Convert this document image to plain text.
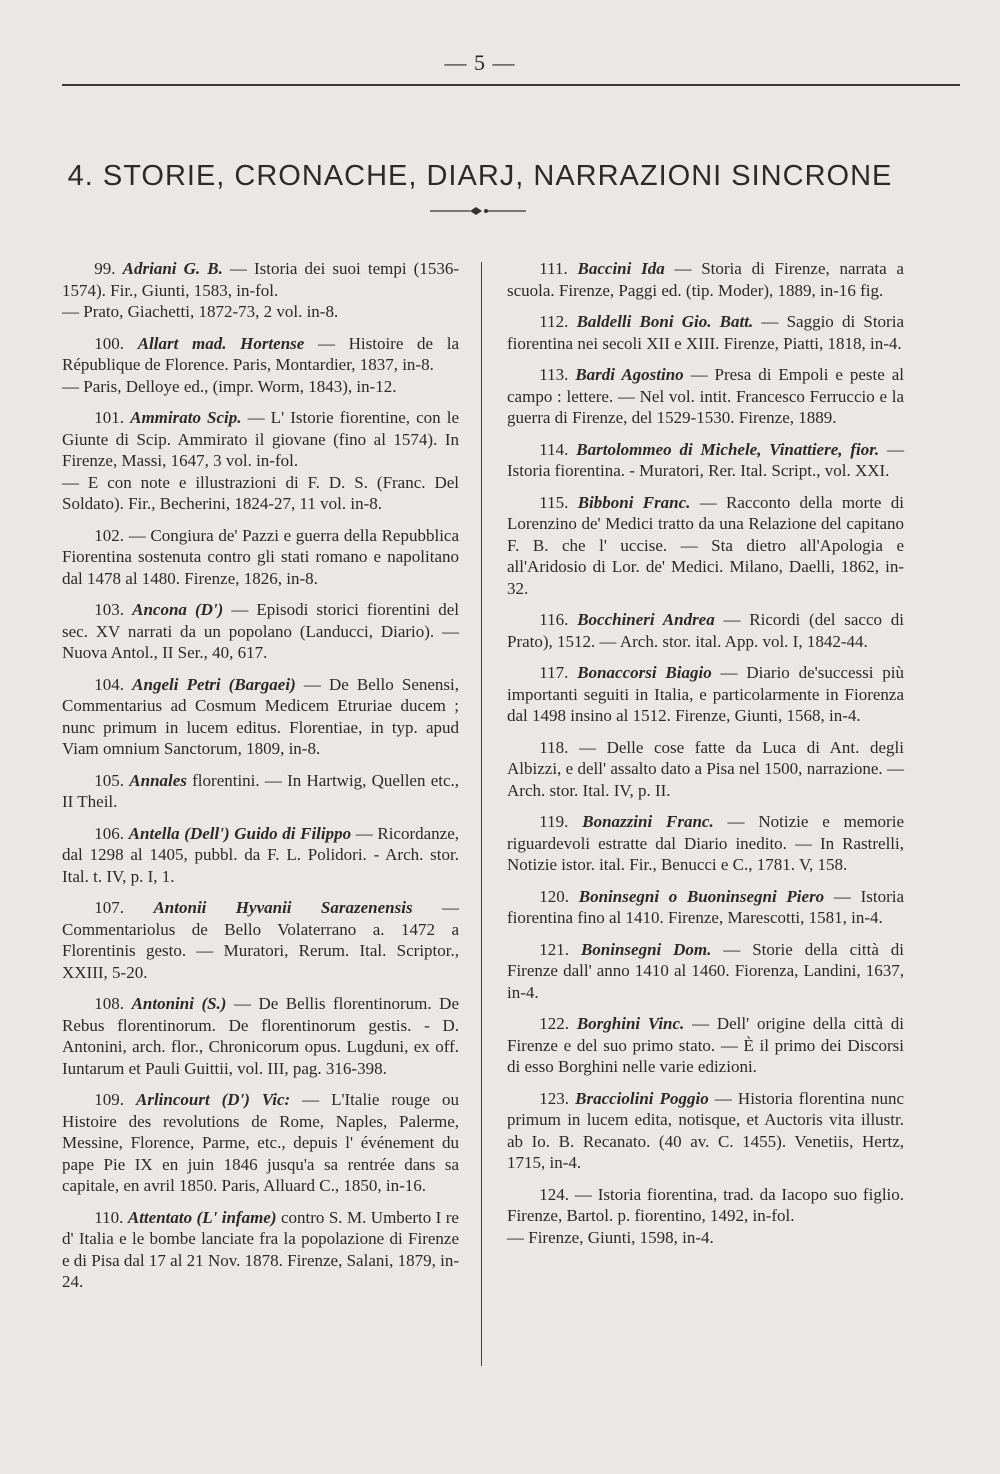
— 5 —
4. STORIE, CRONACHE, DIARJ, NARRAZIONI SINCRONE
99. Adriani G. B. — Istoria dei suoi tempi (1536-1574). Fir., Giunti, 1583, in-fol.
— Prato, Giachetti, 1872-73, 2 vol. in-8.
100. Allart mad. Hortense — Histoire de la République de Florence. Paris, Montardier, 1837, in-8.
— Paris, Delloye ed., (impr. Worm, 1843), in-12.
101. Ammirato Scip. — L' Istorie fiorentine, con le Giunte di Scip. Ammirato il giovane (fino al 1574). In Firenze, Massi, 1647, 3 vol. in-fol.
— E con note e illustrazioni di F. D. S. (Franc. Del Soldato). Fir., Becherini, 1824-27, 11 vol. in-8.
102. — Congiura de' Pazzi e guerra della Repubblica Fiorentina sostenuta contro gli stati romano e napolitano dal 1478 al 1480. Firenze, 1826, in-8.
103. Ancona (D') — Episodi storici fiorentini del sec. XV narrati da un popolano (Landucci, Diario). — Nuova Antol., II Ser., 40, 617.
104. Angeli Petri (Bargaei) — De Bello Senensi, Commentarius ad Cosmum Medicem Etruriae ducem ; nunc primum in lucem editus. Florentiae, in typ. apud Viam omnium Sanctorum, 1809, in-8.
105. Annales florentini. — In Hartwig, Quellen etc., II Theil.
106. Antella (Dell') Guido di Filippo — Ricordanze, dal 1298 al 1405, pubbl. da F. L. Polidori. - Arch. stor. Ital. t. IV, p. I, 1.
107. Antonii Hyvanii Sarazenensis — Commentariolus de Bello Volaterrano a. 1472 a Florentinis gesto. — Muratori, Rerum. Ital. Scriptor., XXIII, 5-20.
108. Antonini (S.) — De Bellis florentinorum. De Rebus florentinorum. De florentinorum gestis. - D. Antonini, arch. flor., Chronicorum opus. Lugduni, ex off. Iuntarum et Pauli Guittii, vol. III, pag. 316-398.
109. Arlincourt (D') Vic: — L'Italie rouge ou Histoire des revolutions de Rome, Naples, Palerme, Messine, Florence, Parme, etc., depuis l' événement du pape Pie IX en juin 1846 jusqu'a sa rentrée dans sa capitale, en avril 1850. Paris, Alluard C., 1850, in-16.
110. Attentato (L' infame) contro S. M. Umberto I re d' Italia e le bombe lanciate fra la popolazione di Firenze e di Pisa dal 17 al 21 Nov. 1878. Firenze, Salani, 1879, in-24.
111. Baccini Ida — Storia di Firenze, narrata a scuola. Firenze, Paggi ed. (tip. Moder), 1889, in-16 fig.
112. Baldelli Boni Gio. Batt. — Saggio di Storia fiorentina nei secoli XII e XIII. Firenze, Piatti, 1818, in-4.
113. Bardi Agostino — Presa di Empoli e peste al campo : lettere. — Nel vol. intit. Francesco Ferruccio e la guerra di Firenze, del 1529-1530. Firenze, 1889.
114. Bartolommeo di Michele, Vinattiere, fior. — Istoria fiorentina. - Muratori, Rer. Ital. Script., vol. XXI.
115. Bibboni Franc. — Racconto della morte di Lorenzino de' Medici tratto da una Relazione del capitano F. B. che l' uccise. — Sta dietro all'Apologia e all'Aridosio di Lor. de' Medici. Milano, Daelli, 1862, in-32.
116. Bocchineri Andrea — Ricordi (del sacco di Prato), 1512. — Arch. stor. ital. App. vol. I, 1842-44.
117. Bonaccorsi Biagio — Diario de'successi più importanti seguiti in Italia, e particolarmente in Fiorenza dal 1498 insino al 1512. Firenze, Giunti, 1568, in-4.
118. — Delle cose fatte da Luca di Ant. degli Albizzi, e dell' assalto dato a Pisa nel 1500, narrazione. — Arch. stor. Ital. IV, p. II.
119. Bonazzini Franc. — Notizie e memorie riguardevoli estratte dal Diario inedito. — In Rastrelli, Notizie istor. ital. Fir., Benucci e C., 1781. V, 158.
120. Boninsegni o Buoninsegni Piero — Istoria fiorentina fino al 1410. Firenze, Marescotti, 1581, in-4.
121. Boninsegni Dom. — Storie della città di Firenze dall' anno 1410 al 1460. Fiorenza, Landini, 1637, in-4.
122. Borghini Vinc. — Dell' origine della città di Firenze e del suo primo stato. — È il primo dei Discorsi di esso Borghini nelle varie edizioni.
123. Bracciolini Poggio — Historia florentina nunc primum in lucem edita, notisque, et Auctoris vita illustr. ab Io. B. Recanato. (40 av. C. 1455). Venetiis, Hertz, 1715, in-4.
124. — Istoria fiorentina, trad. da Iacopo suo figlio. Firenze, Bartol. p. fiorentino, 1492, in-fol.
— Firenze, Giunti, 1598, in-4.
